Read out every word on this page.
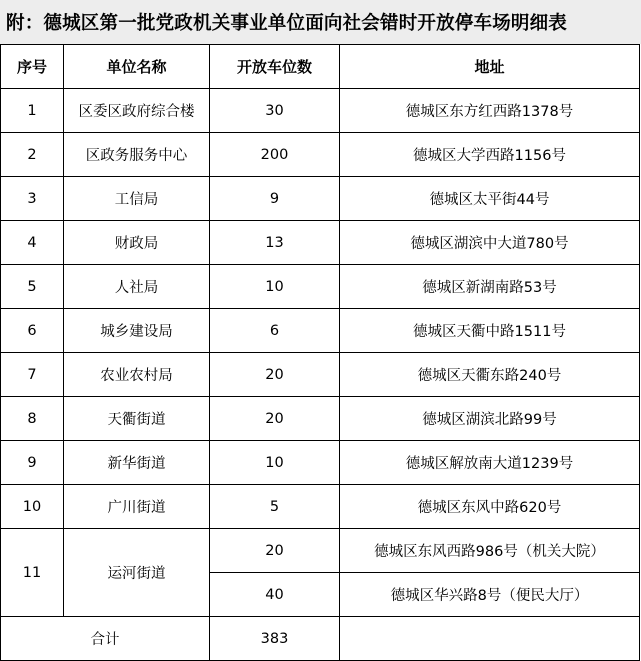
附：德城区第一批党政机关事业单位面向社会错时开放停车场明细表
序号	单位名称	开放车位数	地址
1	区委区政府综合楼	30	德城区东方红西路1378号
2	区政务服务中心	200	德城区大学西路1156号
3	工信局	9	德城区太平街44号
4	财政局	13	德城区湖滨中大道780号
5	人社局	10	德城区新湖南路53号
6	城乡建设局	6	德城区天衢中路1511号
7	农业农村局	20	德城区天衢东路240号
8	天衢街道	20	德城区湖滨北路99号
9	新华街道	10	德城区解放南大道1239号
10	广川街道	5	德城区东风中路620号
11	运河街道	20	德城区东风西路986号（机关大院）
		40	德城区华兴路8号（便民大厅）
合计		383	
